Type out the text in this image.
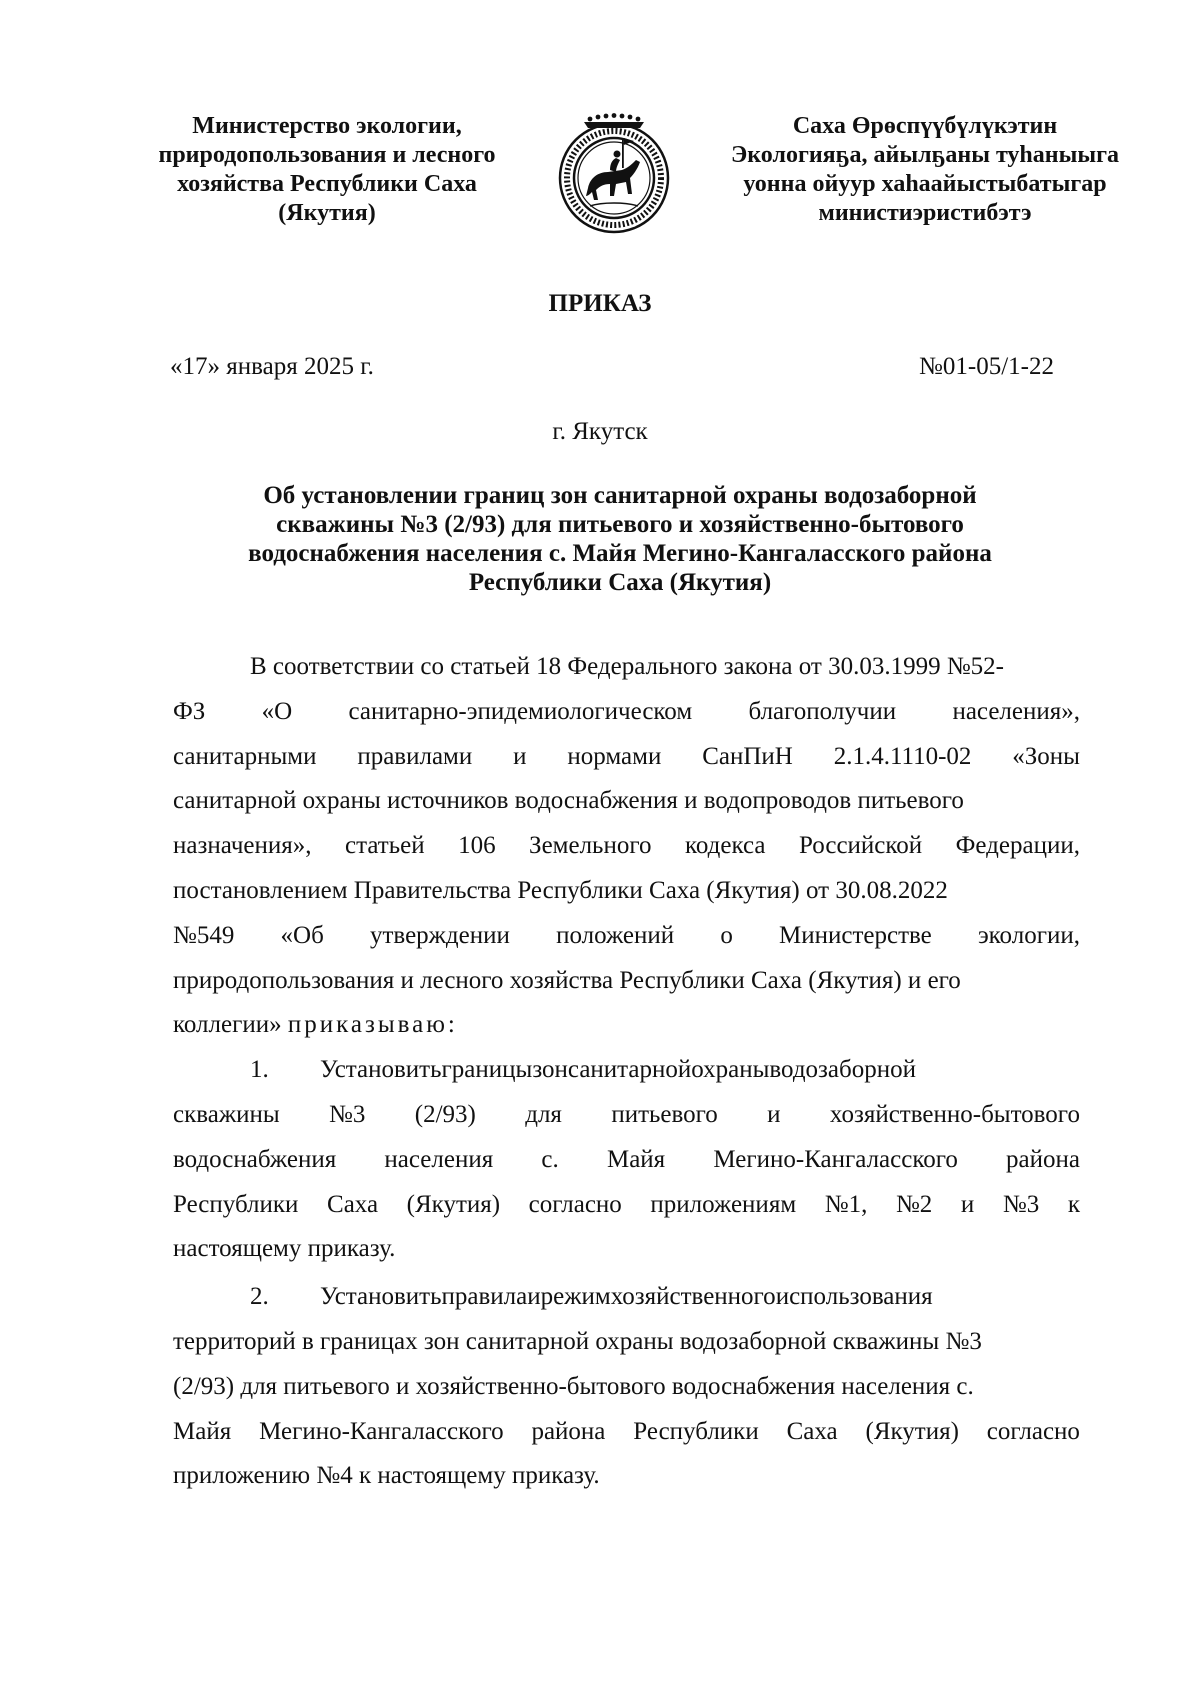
Министерство экологии,
природопользования и лесного
хозяйства Республики Саха
(Якутия)
Саха Өрөспүүбүлүкэтин
Экологияҕа, айылҕаны туһаныыга
уонна ойуур хаһаайыстыбатыгар
министиэристибэтэ
ПРИКАЗ
«17» января 2025 г.	№01-05/1-22
г. Якутск
Об установлении границ зон санитарной охраны водозаборной
скважины №3 (2/93) для питьевого и хозяйственно-бытового
водоснабжения населения с. Майя Мегино-Кангаласского района
Республики Саха (Якутия)
В соответствии со статьей 18 Федерального закона от 30.03.1999 №52-
ФЗ «О санитарно-эпидемиологическом благополучии населения»,
санитарными правилами и нормами СанПиН 2.1.4.1110-02 «Зоны
санитарной охраны источников водоснабжения и водопроводов питьевого
назначения», статьей 106 Земельного кодекса Российской Федерации,
постановлением Правительства Республики Саха (Якутия) от 30.08.2022
№549 «Об утверждении положений о Министерстве экологии,
природопользования и лесного хозяйства Республики Саха (Якутия) и его
коллегии» приказываю:
1.	Установитьграницызонсанитарнойохраныводозаборной
скважины №3 (2/93) для питьевого и хозяйственно-бытового
водоснабжения населения с. Майя Мегино-Кангаласского района
Республики Саха (Якутия) согласно приложениям №1, №2 и №3 к
настоящему приказу.
2.	Установитьправилаирежимхозяйственногоиспользования
территорий в границах зон санитарной охраны водозаборной скважины №3
(2/93) для питьевого и хозяйственно-бытового водоснабжения населения с.
Майя Мегино-Кангаласского района Республики Саха (Якутия) согласно
приложению №4 к настоящему приказу.
